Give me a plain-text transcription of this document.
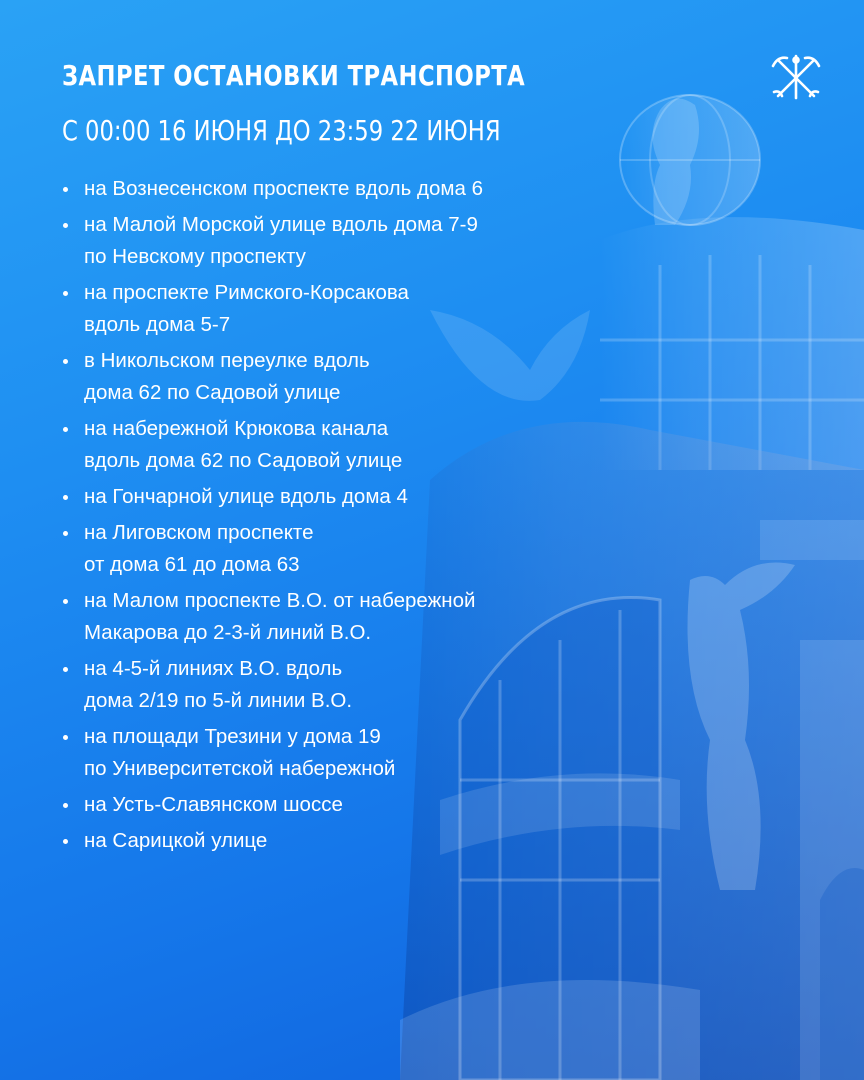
ЗАПРЕТ ОСТАНОВКИ ТРАНСПОРТА
С 00:00 16 ИЮНЯ ДО 23:59 22 ИЮНЯ
на Вознесенском проспекте вдоль дома 6
на Малой Морской улице вдоль дома 7-9
по Невскому проспекту
на проспекте Римского-Корсакова
вдоль дома 5-7
в Никольском переулке вдоль
дома 62 по Садовой улице
на набережной Крюкова канала
вдоль дома 62 по Садовой улице
на Гончарной улице вдоль дома 4
на Лиговском проспекте
от дома 61 до дома 63
на Малом проспекте В.О. от набережной
Макарова до 2-3-й линий В.О.
на 4-5-й линиях В.О. вдоль
дома 2/19 по 5-й линии В.О.
на площади Трезини у дома 19
по Университетской набережной
на Усть-Славянском шоссе
на Сарицкой улице
